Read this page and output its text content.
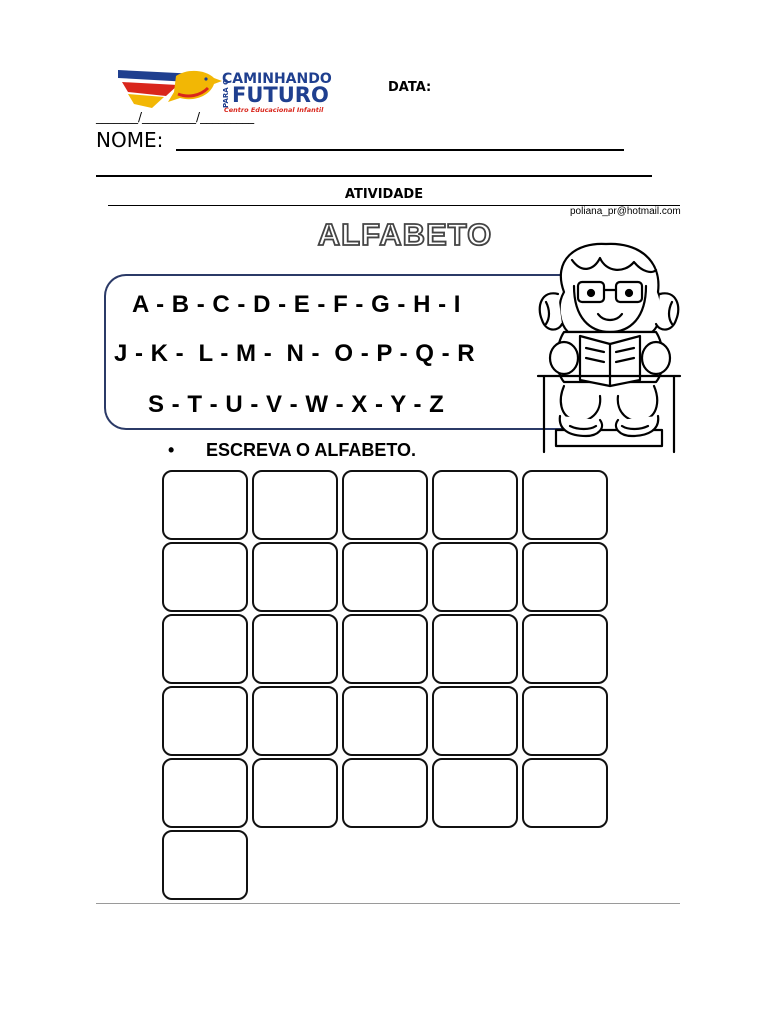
PARA O
CAMINHANDO
FUTURO
Centro Educacional Infantil
DATA:
_______/_________/_________
NOME:
ATIVIDADE
poliana_pr@hotmail.com
ALFABETO
A - B - C - D - E - F - G - H - I
J - K -  L - M -  N -  O - P - Q - R
S - T - U - V - W - X - Y - Z
• ESCREVA O ALFABETO.
